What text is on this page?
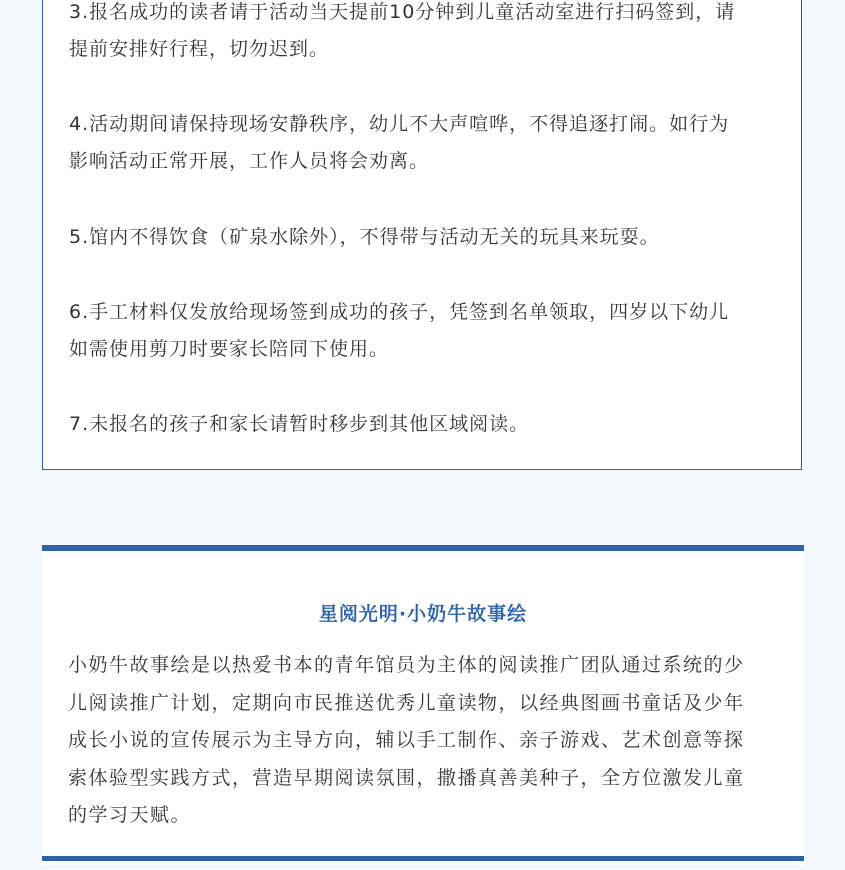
3.报名成功的读者请于活动当天提前10分钟到儿童活动室进行扫码签到，请
提前安排好行程，切勿迟到。

4.活动期间请保持现场安静秩序，幼儿不大声喧哗，不得追逐打闹。如行为
影响活动正常开展，工作人员将会劝离。

5.馆内不得饮食（矿泉水除外），不得带与活动无关的玩具来玩耍。

6.手工材料仅发放给现场签到成功的孩子，凭签到名单领取，四岁以下幼儿
如需使用剪刀时要家长陪同下使用。

7.未报名的孩子和家长请暂时移步到其他区域阅读。

星阅光明·小奶牛故事绘

小奶牛故事绘是以热爱书本的青年馆员为主体的阅读推广团队通过系统的少
儿阅读推广计划，定期向市民推送优秀儿童读物，以经典图画书童话及少年
成长小说的宣传展示为主导方向，辅以手工制作、亲子游戏、艺术创意等探
索体验型实践方式，营造早期阅读氛围，撒播真善美种子，全方位激发儿童
的学习天赋。
